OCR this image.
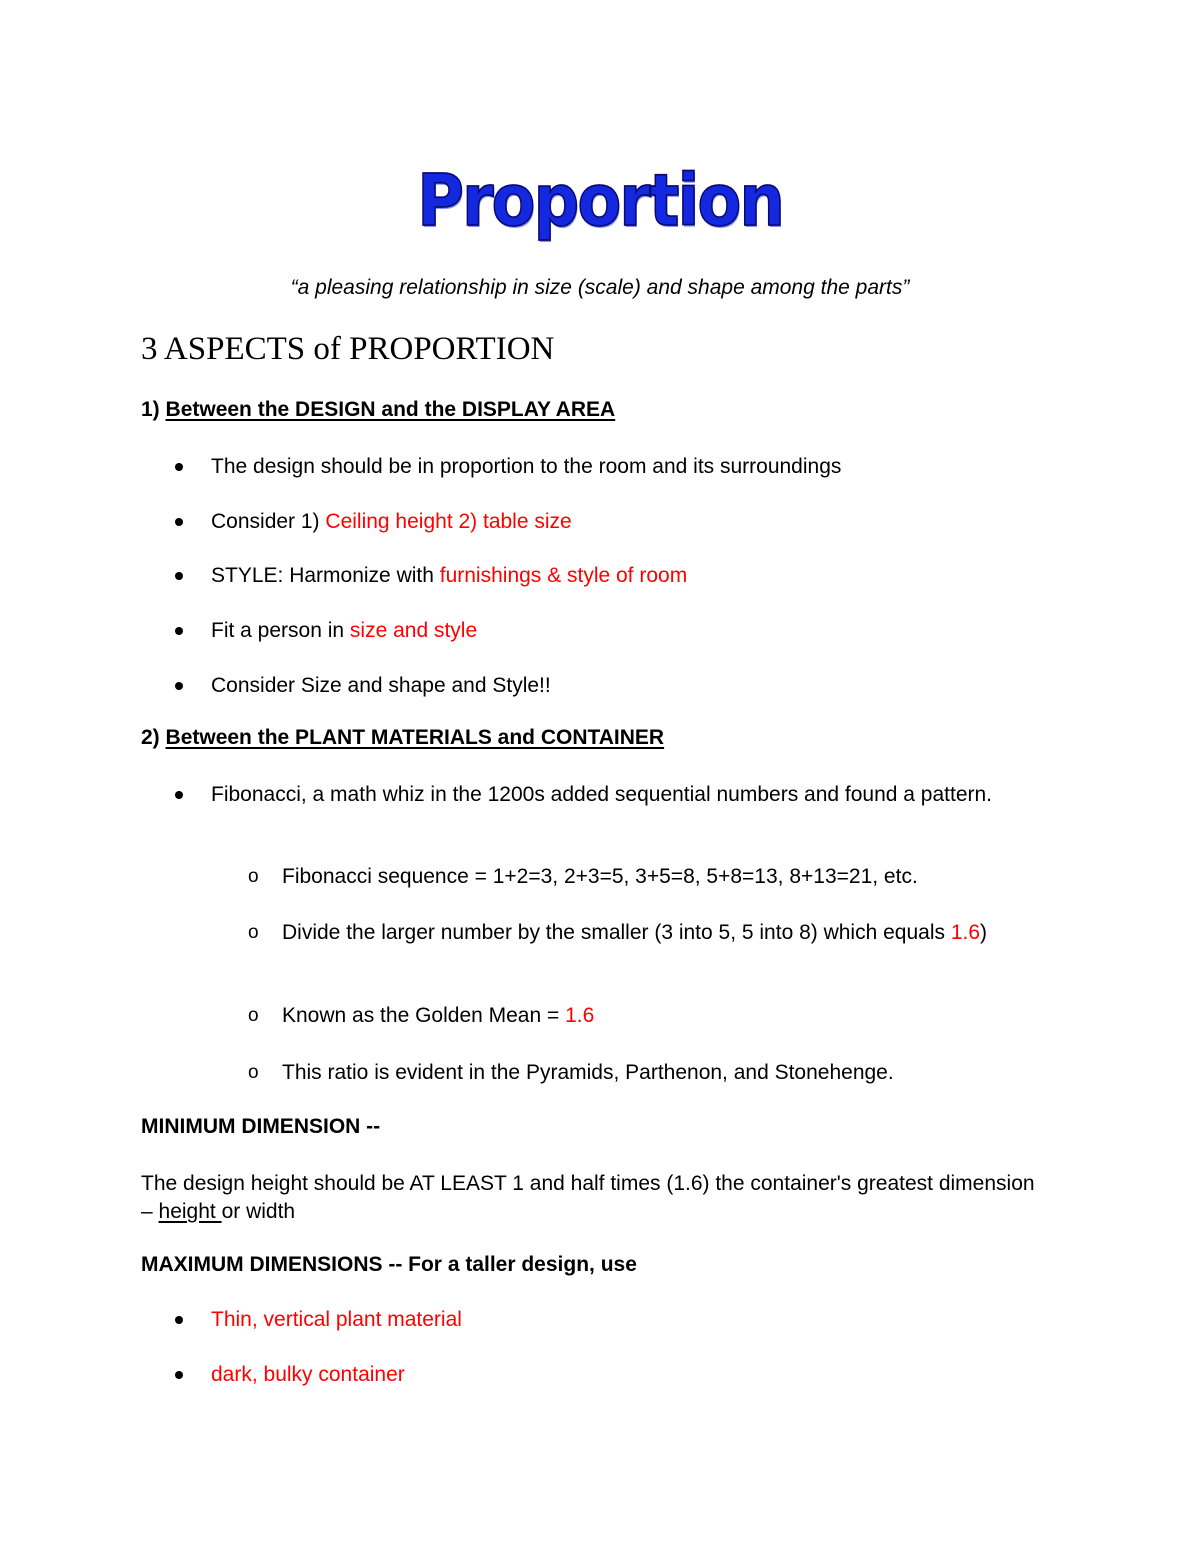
Proportion
“a pleasing relationship in size (scale) and shape among the parts”
3 ASPECTS of PROPORTION
1) Between the DESIGN and the DISPLAY AREA
The design should be in proportion to the room and its surroundings
Consider 1) Ceiling height 2) table size
STYLE: Harmonize with furnishings & style of room
Fit a person in size and style
Consider Size and shape and Style!!
2) Between the PLANT MATERIALS and CONTAINER
Fibonacci, a math whiz in the 1200s added sequential numbers and found a pattern.
o Fibonacci sequence = 1+2=3, 2+3=5, 3+5=8, 5+8=13, 8+13=21, etc.
o Divide the larger number by the smaller (3 into 5, 5 into 8) which equals 1.6)
o Known as the Golden Mean = 1.6
o This ratio is evident in the Pyramids, Parthenon, and Stonehenge.
MINIMUM DIMENSION --
The design height should be AT LEAST 1 and half times (1.6) the container's greatest dimension – height or width
MAXIMUM DIMENSIONS -- For a taller design, use
Thin, vertical plant material
dark, bulky container
